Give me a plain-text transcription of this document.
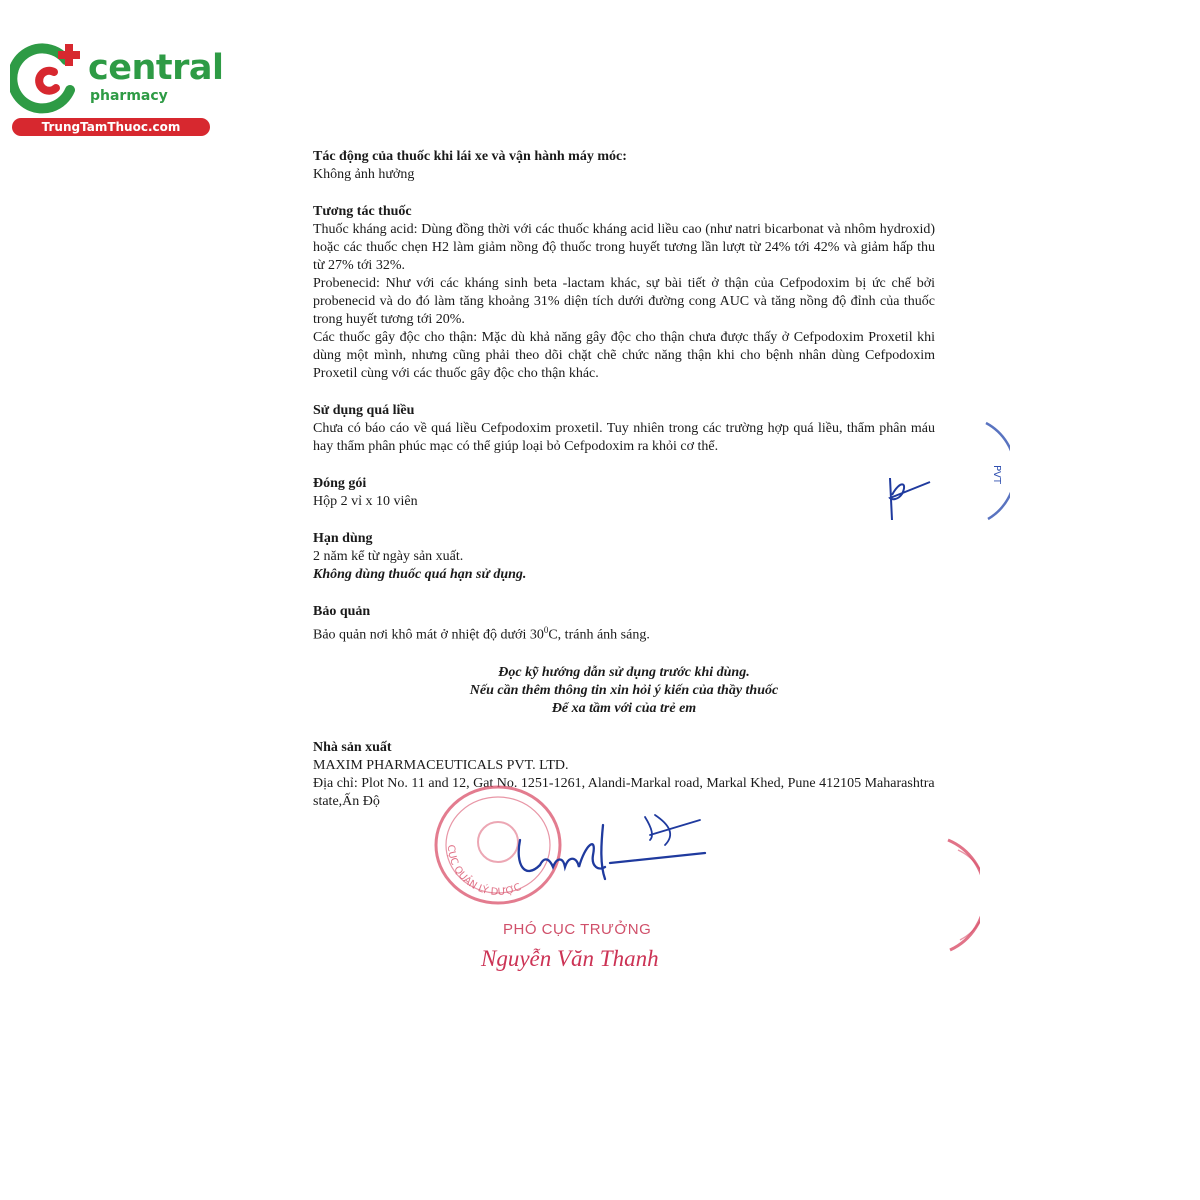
central
pharmacy
TrungTamThuoc.com
Tác động của thuốc khi lái xe và vận hành máy móc:
Không ảnh hưởng
Tương tác thuốc
Thuốc kháng acid: Dùng đồng thời với các thuốc kháng acid liều cao (như natri bicarbonat và nhôm hydroxid) hoặc các thuốc chẹn H2 làm giảm nồng độ thuốc trong huyết tương lần lượt từ 24% tới 42% và giảm hấp thu từ 27% tới 32%.
Probenecid: Như với các kháng sinh beta -lactam khác, sự bài tiết ở thận của Cefpodoxim bị ức chế bởi probenecid và do đó làm tăng khoảng 31% diện tích dưới đường cong AUC và tăng nồng độ đỉnh của thuốc trong huyết tương tới 20%.
Các thuốc gây độc cho thận: Mặc dù khả năng gây độc cho thận chưa được thấy ở Cefpodoxim Proxetil khi dùng một mình, nhưng cũng phải theo dõi chặt chẽ chức năng thận khi cho bệnh nhân dùng Cefpodoxim Proxetil cùng với các thuốc gây độc cho thận khác.
Sử dụng quá liều
Chưa có báo cáo về quá liều Cefpodoxim proxetil. Tuy nhiên trong các trường hợp quá liều, thẩm phân máu hay thẩm phân phúc mạc có thể giúp loại bỏ Cefpodoxim ra khỏi cơ thể.
Đóng gói
Hộp 2 vỉ x 10 viên
Hạn dùng
2 năm kể từ ngày sản xuất.
Không dùng thuốc quá hạn sử dụng.
Bảo quản
Bảo quản nơi khô mát ở nhiệt độ dưới $30^0C$, tránh ánh sáng.
Đọc kỹ hướng dẫn sử dụng trước khi dùng.
Nếu cần thêm thông tin xin hỏi ý kiến của thầy thuốc
Để xa tầm với của trẻ em
Nhà sản xuất
MAXIM PHARMACEUTICALS PVT. LTD.
Địa chỉ: Plot No. 11 and 12, Gat No. 1251-1261, Alandi-Markal road, Markal Khed, Pune 412105 Maharashtra state,Ấn Độ
CỤC QUẢN LÝ DƯỢC
PVT
PHÓ CỤC TRƯỞNG
Nguyễn Văn Thanh
